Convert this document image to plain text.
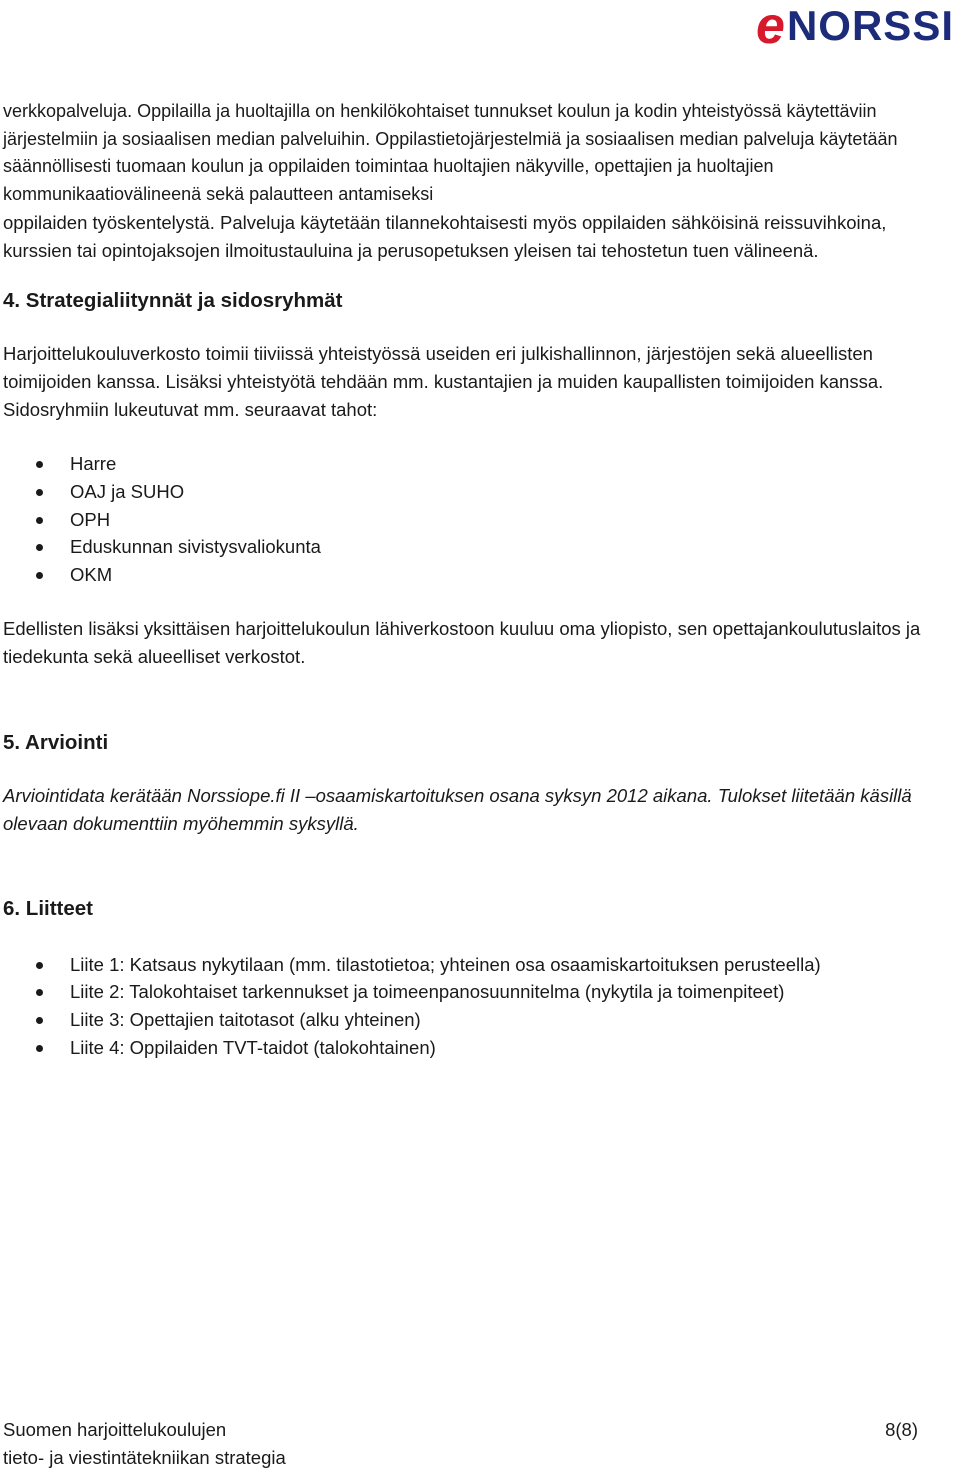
e NORSSI

verkkopalveluja. Oppilailla ja huoltajilla on henkilökohtaiset tunnukset koulun ja kodin yhteistyössä käytettäviin järjestelmiin ja sosiaalisen median palveluihin. Oppilastietojärjestelmiä ja sosiaalisen median palveluja käytetään säännöllisesti tuomaan koulun ja oppilaiden toimintaa huoltajien näkyville, opettajien ja huoltajien kommunikaatiovälineenä sekä palautteen antamiseksi

oppilaiden työskentelystä. Palveluja käytetään tilannekohtaisesti myös oppilaiden sähköisinä reissuvihkoina, kurssien tai opintojaksojen ilmoitustauluina ja perusopetuksen yleisen tai tehostetun tuen välineenä.

4. Strategialiitynnät ja sidosryhmät

Harjoittelukouluverkosto toimii tiiviissä yhteistyössä useiden eri julkishallinnon, järjestöjen sekä alueellisten toimijoiden kanssa. Lisäksi yhteistyötä tehdään mm. kustantajien ja muiden kaupallisten toimijoiden kanssa. Sidosryhmiin lukeutuvat mm. seuraavat tahot:

Harre
OAJ ja SUHO
OPH
Eduskunnan sivistysvaliokunta
OKM

Edellisten lisäksi yksittäisen harjoittelukoulun lähiverkostoon kuuluu oma yliopisto, sen opettajankoulutuslaitos ja tiedekunta sekä alueelliset verkostot.

5. Arviointi

Arviointidata kerätään Norssiope.fi II –osaamiskartoituksen osana syksyn 2012 aikana. Tulokset liitetään käsillä olevaan dokumenttiin myöhemmin syksyllä.

6. Liitteet
Liite 1: Katsaus nykytilaan (mm. tilastotietoa; yhteinen osa osaamiskartoituksen perusteella)
Liite 2: Talokohtaiset tarkennukset ja toimeenpanosuunnitelma (nykytila ja toimenpiteet)
Liite 3: Opettajien taitotasot (alku yhteinen)
Liite 4: Oppilaiden TVT-taidot (talokohtainen)
Suomen harjoittelukoulujen	8(8)
tieto- ja viestintätekniikan strategia
